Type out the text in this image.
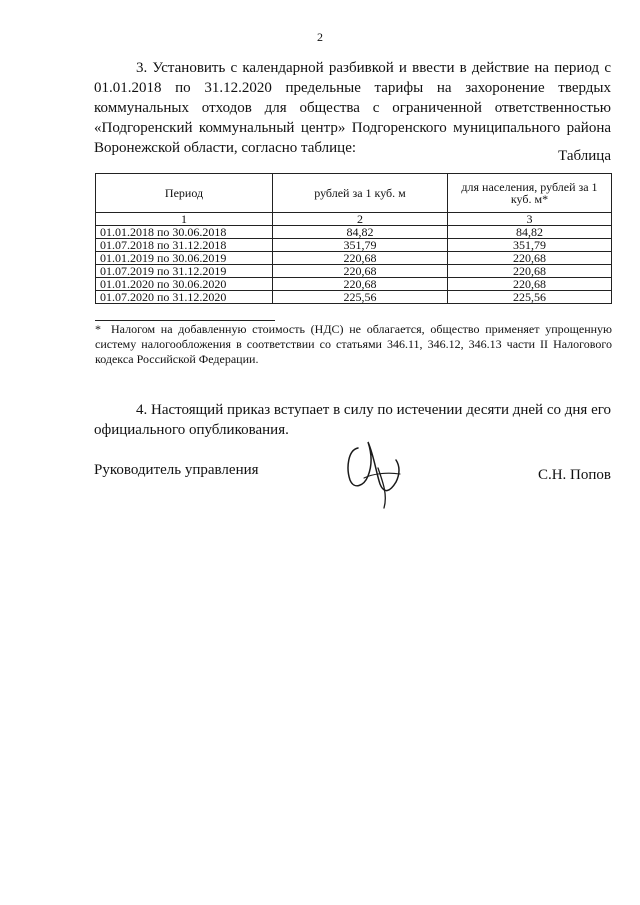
2

3. Установить с календарной разбивкой и ввести в действие на период с 01.01.2018 по 31.12.2020 предельные тарифы на захоронение твердых коммунальных отходов для общества с ограниченной ответственностью «Подгоренский коммунальный центр» Подгоренского муниципального района Воронежской области, согласно таблице:	Таблица
Период	рублей за 1 куб. м	для населения, рублей за 1 куб. м*
1	2	3
01.01.2018 по 30.06.2018	84,82	84,82
01.07.2018 по 31.12.2018	351,79	351,79
01.01.2019 по 30.06.2019	220,68	220,68
01.07.2019 по 31.12.2019	220,68	220,68
01.01.2020 по 30.06.2020	220,68	220,68
01.07.2020 по 31.12.2020	225,56	225,56

* Налогом на добавленную стоимость (НДС) не облагается, общество применяет упрощенную систему налогообложения в соответствии со статьями 346.11, 346.12, 346.13 части II Налогового кодекса Российской Федерации.

4. Настоящий приказ вступает в силу по истечении десяти дней со дня его официального опубликования.

Руководитель управления	С.Н. Попов
